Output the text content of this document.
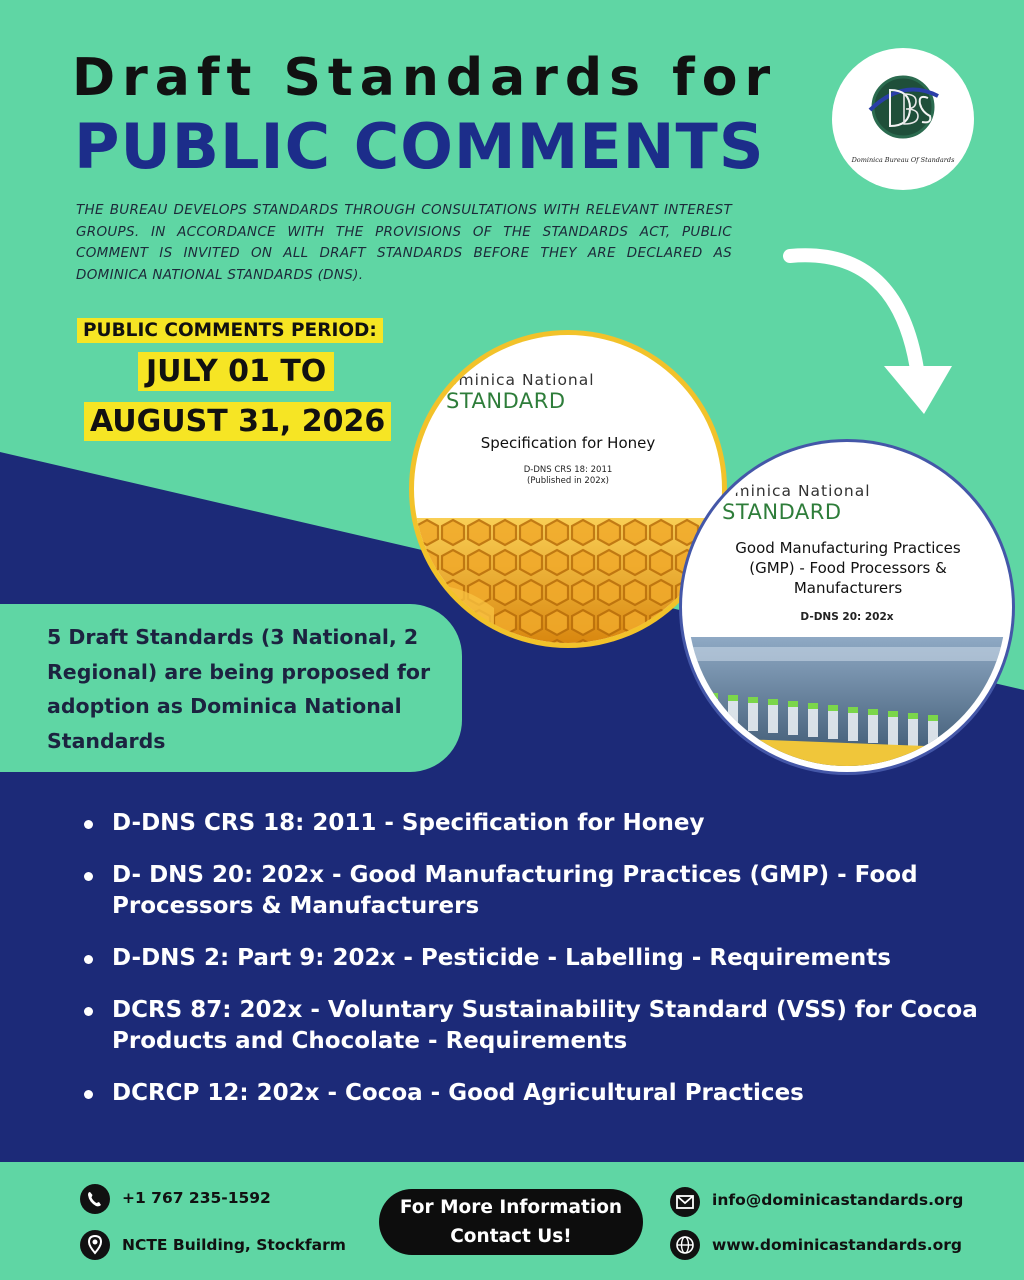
Draft Standards for
PUBLIC COMMENTS	Dominica Bureau Of Standards
THE BUREAU DEVELOPS STANDARDS THROUGH CONSULTATIONS WITH RELEVANT INTEREST GROUPS. IN ACCORDANCE WITH THE PROVISIONS OF THE STANDARDS ACT, PUBLIC COMMENT IS INVITED ON ALL DRAFT STANDARDS BEFORE THEY ARE DECLARED AS DOMINICA NATIONAL STANDARDS (DNS).
PUBLIC COMMENTS PERIOD:
JULY 01 TO
AUGUST 31, 2026
ominica National
STANDARD
Specification for Honey
D-DNS CRS 18: 2011
(Published in 202x)
ominica National
STANDARD
Good Manufacturing Practices (GMP) - Food Processors & Manufacturers
D-DNS 20: 202x
5 Draft Standards (3 National, 2 Regional) are being proposed for adoption as Dominica National Standards
D-DNS CRS 18: 2011 - Specification for Honey
D- DNS 20: 202x - Good Manufacturing Practices (GMP) - Food Processors & Manufacturers
D-DNS 2: Part 9: 202x - Pesticide - Labelling - Requirements
DCRS 87: 202x - Voluntary Sustainability Standard (VSS) for Cocoa Products and Chocolate - Requirements
DCRCP 12: 202x - Cocoa - Good Agricultural Practices
+1 767 235-1592
NCTE Building, Stockfarm
For More Information
Contact Us!
info@dominicastandards.org
www.dominicastandards.org
